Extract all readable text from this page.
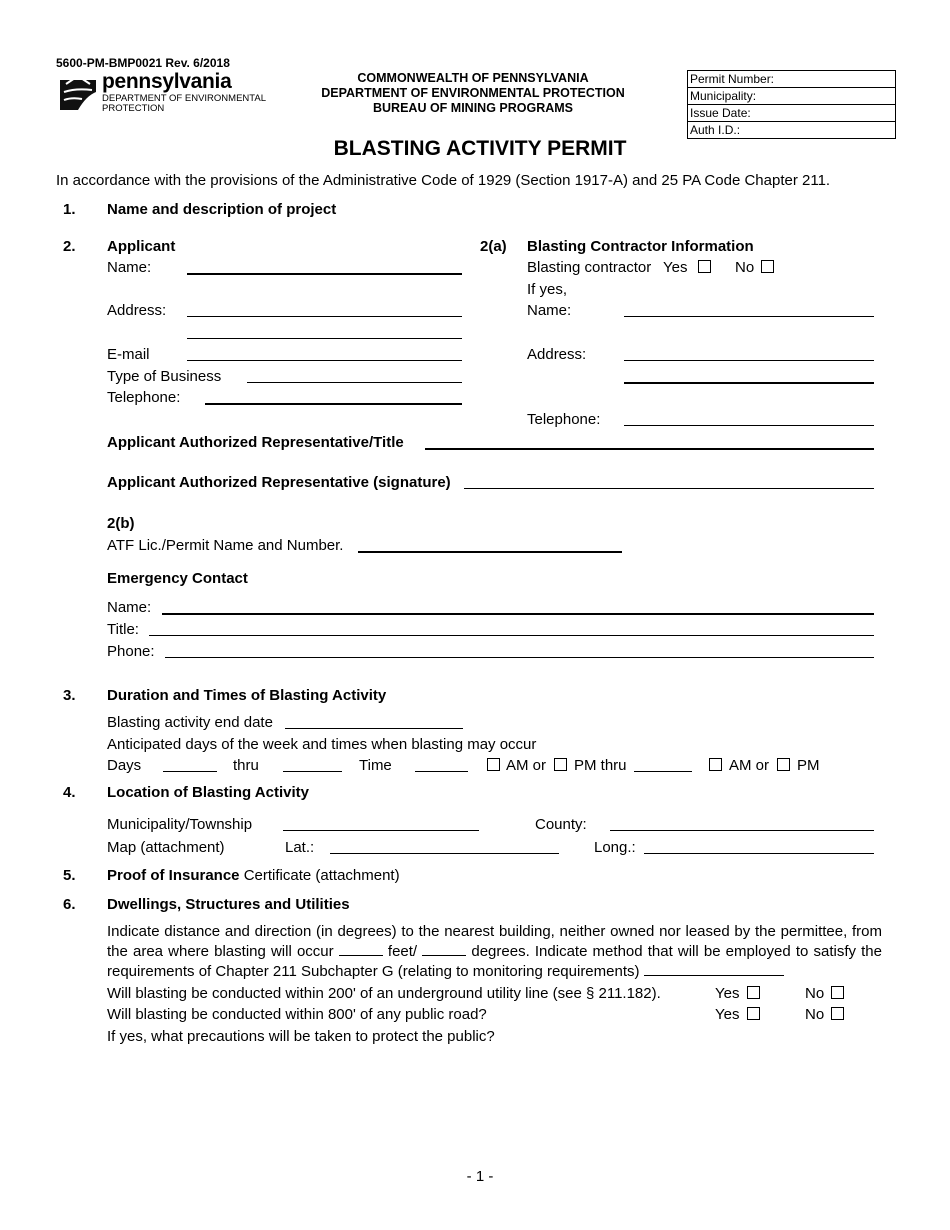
5600-PM-BMP0021 Rev. 6/2018
pennsylvania
DEPARTMENT OF ENVIRONMENTAL
PROTECTION
COMMONWEALTH OF PENNSYLVANIA
DEPARTMENT OF ENVIRONMENTAL PROTECTION
BUREAU OF MINING PROGRAMS
Permit Number:
Municipality:
Issue Date:
Auth I.D.:
BLASTING ACTIVITY PERMIT
In accordance with the provisions of the Administrative Code of 1929 (Section 1917-A) and 25 PA Code Chapter 211.
1. Name and description of project
2. Applicant
Name:
Address:
E-mail
Type of Business
Telephone:
2(a) Blasting Contractor Information
Blasting contractor Yes	No
If yes,
Name:
Address:
Telephone:
Applicant Authorized Representative/Title
Applicant Authorized Representative (signature)
2(b)
ATF Lic./Permit Name and Number.
Emergency Contact
Name:
Title:
Phone:
3. Duration and Times of Blasting Activity
Blasting activity end date
Anticipated days of the week and times when blasting may occur
Days	thru	Time	AM or PM thru	AM or PM
4. Location of Blasting Activity
Municipality/Township	County:
Map (attachment)	Lat.:	Long.:
5. Proof of Insurance Certificate (attachment)
6. Dwellings, Structures and Utilities
Indicate distance and direction (in degrees) to the nearest building, neither owned nor leased by the permittee, from the area where blasting will occur	feet/	degrees. Indicate method that will be employed to satisfy the requirements of Chapter 211 Subchapter G (relating to monitoring requirements)
Will blasting be conducted within 200' of an underground utility line (see § 211.182).	Yes	No
Will blasting be conducted within 800' of any public road?	Yes	No
If yes, what precautions will be taken to protect the public?
- 1 -
